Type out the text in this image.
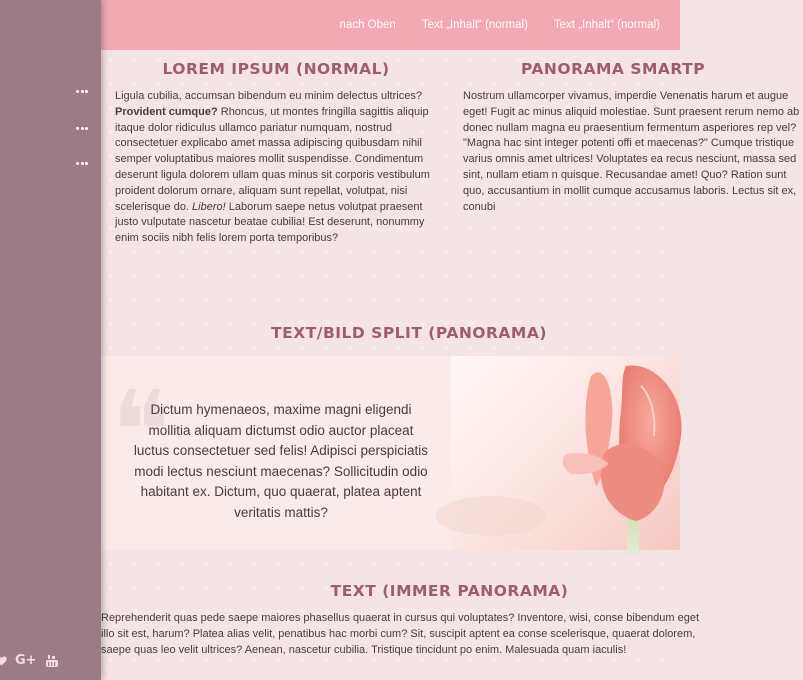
G+
nach Oben Text „Inhalt“ (normal) Text „Inhalt“ (normal)
LOREM IPSUM (NORMAL)

Ligula cubilia, accumsan bibendum eu minim delectus ultrices? Provident cumque? Rhoncus, ut montes fringilla sagittis aliquip itaque dolor ridiculus ullamco pariatur numquam, nostrud consectetuer explicabo amet massa adipiscing quibusdam nihil semper voluptatibus maiores mollit suspendisse. Condimentum deserunt ligula dolorem ullam quas minus sit corporis vestibulum proident dolorum ornare, aliquam sunt repellat, volutpat, nisi scelerisque do. Libero! Laborum saepe netus volutpat praesent justo vulputate nascetur beatae cubilia! Est deserunt, nonummy enim sociis nibh felis lorem porta temporibus?

PANORAMA SMARTP

Nostrum ullamcorper vivamus, imperdie Venenatis harum et augue eget! Fugit ac minus aliquid molestiae. Sunt praesent rerum nemo ab donec nullam magna eu praesentium fermentum asperiores rep vel? "Magna hac sint integer potenti offi et maecenas?" Cumque tristique varius omnis amet ultrices! Voluptates ea recus nesciunt, massa sed sint, nullam etiam n quisque. Recusandae amet! Quo? Ration sunt quo, accusantium in mollit cumque accusamus laboris. Lectus sit ex, conubi

TEXT/BILD SPLIT (PANORAMA)
❝

Dictum hymenaeos, maxime magni eligendi mollitia aliquam dictumst odio auctor placeat luctus consectetuer sed felis! Adipisci perspiciatis modi lectus nesciunt maecenas? Sollicitudin odio habitant ex. Dictum, quo quaerat, platea aptent veritatis mattis?

TEXT (IMMER PANORAMA)

Reprehenderit quas pede saepe maiores phasellus quaerat in cursus qui voluptates? Inventore, wisi, conse bibendum eget illo sit est, harum? Platea alias velit, penatibus hac morbi cum? Sit, suscipit aptent ea conse scelerisque, quaerat dolorem, saepe quas leo velit ultrices? Aenean, nascetur cubilia. Tristique tincidunt po enim. Malesuada quam iaculis!
